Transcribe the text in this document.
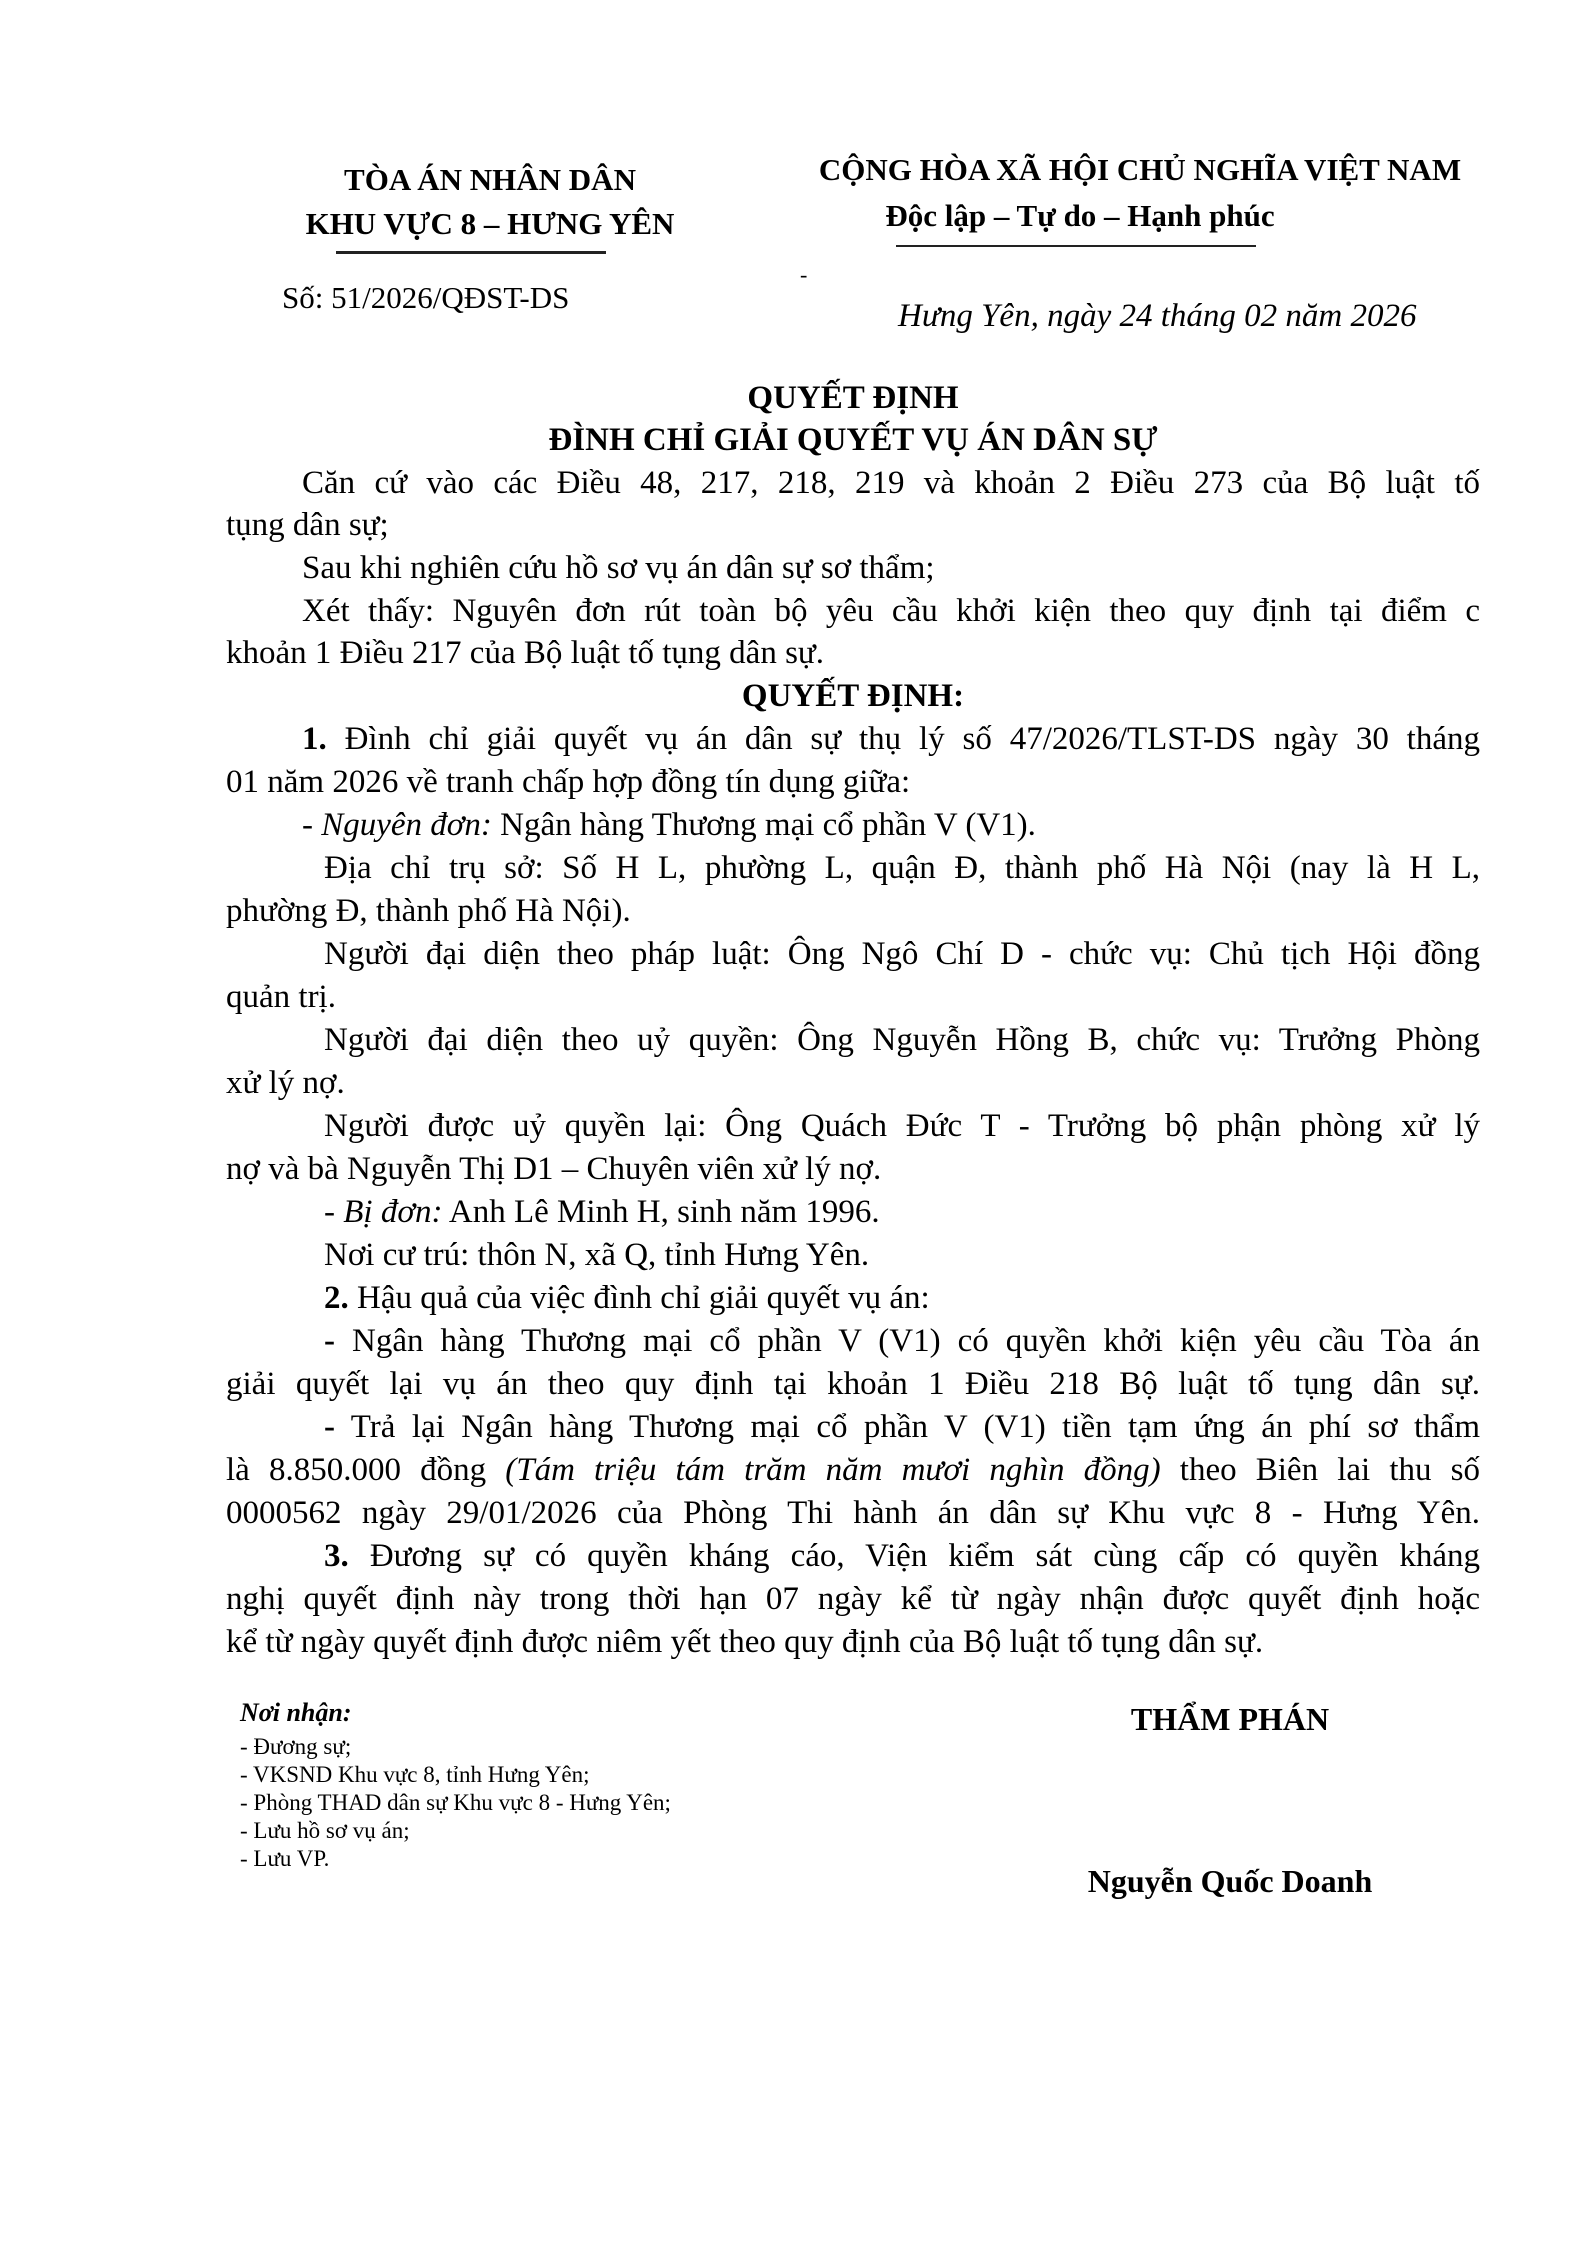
TÒA ÁN NHÂN DÂN
KHU VỰC 8 – HƯNG YÊN
Số: 51/2026/QĐST-DS
CỘNG HÒA XÃ HỘI CHỦ NGHĨA VIỆT NAM
Độc lập – Tự do – Hạnh phúc
-
Hưng Yên, ngày 24 tháng 02 năm 2026
QUYẾT ĐỊNH
ĐÌNH CHỈ GIẢI QUYẾT VỤ ÁN DÂN SỰ
Căn cứ vào các Điều 48, 217, 218, 219 và khoản 2 Điều 273 của Bộ luật tố
tụng dân sự;
Sau khi nghiên cứu hồ sơ vụ án dân sự sơ thẩm;
Xét thấy: Nguyên đơn rút toàn bộ yêu cầu khởi kiện theo quy định tại điểm c
khoản 1 Điều 217 của Bộ luật tố tụng dân sự.
QUYẾT ĐỊNH:
1. Đình chỉ giải quyết vụ án dân sự thụ lý số 47/2026/TLST-DS ngày 30 tháng
01 năm 2026 về tranh chấp hợp đồng tín dụng giữa:
- Nguyên đơn: Ngân hàng Thương mại cổ phần V (V1).
Địa chỉ trụ sở: Số H L, phường L, quận Đ, thành phố Hà Nội (nay là H L,
phường Đ, thành phố Hà Nội).
Người đại diện theo pháp luật: Ông Ngô Chí D - chức vụ: Chủ tịch Hội đồng
quản trị.
Người đại diện theo uỷ quyền: Ông Nguyễn Hồng B, chức vụ: Trưởng Phòng
xử lý nợ.
Người được uỷ quyền lại: Ông Quách Đức T - Trưởng bộ phận phòng xử lý
nợ và bà Nguyễn Thị D1 – Chuyên viên xử lý nợ.
- Bị đơn: Anh Lê Minh H, sinh năm 1996.
Nơi cư trú: thôn N, xã Q, tỉnh Hưng Yên.
2. Hậu quả của việc đình chỉ giải quyết vụ án:
- Ngân hàng Thương mại cổ phần V (V1) có quyền khởi kiện yêu cầu Tòa án
giải quyết lại vụ án theo quy định tại khoản 1 Điều 218 Bộ luật tố tụng dân sự.
- Trả lại Ngân hàng Thương mại cổ phần V (V1) tiền tạm ứng án phí sơ thẩm
là 8.850.000 đồng (Tám triệu tám trăm năm mươi nghìn đồng) theo Biên lai thu số
0000562 ngày 29/01/2026 của Phòng Thi hành án dân sự Khu vực 8 - Hưng Yên.
3. Đương sự có quyền kháng cáo, Viện kiểm sát cùng cấp có quyền kháng
nghị quyết định này trong thời hạn 07 ngày kể từ ngày nhận được quyết định hoặc
kể từ ngày quyết định được niêm yết theo quy định của Bộ luật tố tụng dân sự.
Nơi nhận:
- Đương sự;
- VKSND Khu vực 8, tỉnh Hưng Yên;
- Phòng THAD dân sự Khu vực 8 - Hưng Yên;
- Lưu hồ sơ vụ án;
- Lưu VP.
THẨM PHÁN
Nguyễn Quốc Doanh
